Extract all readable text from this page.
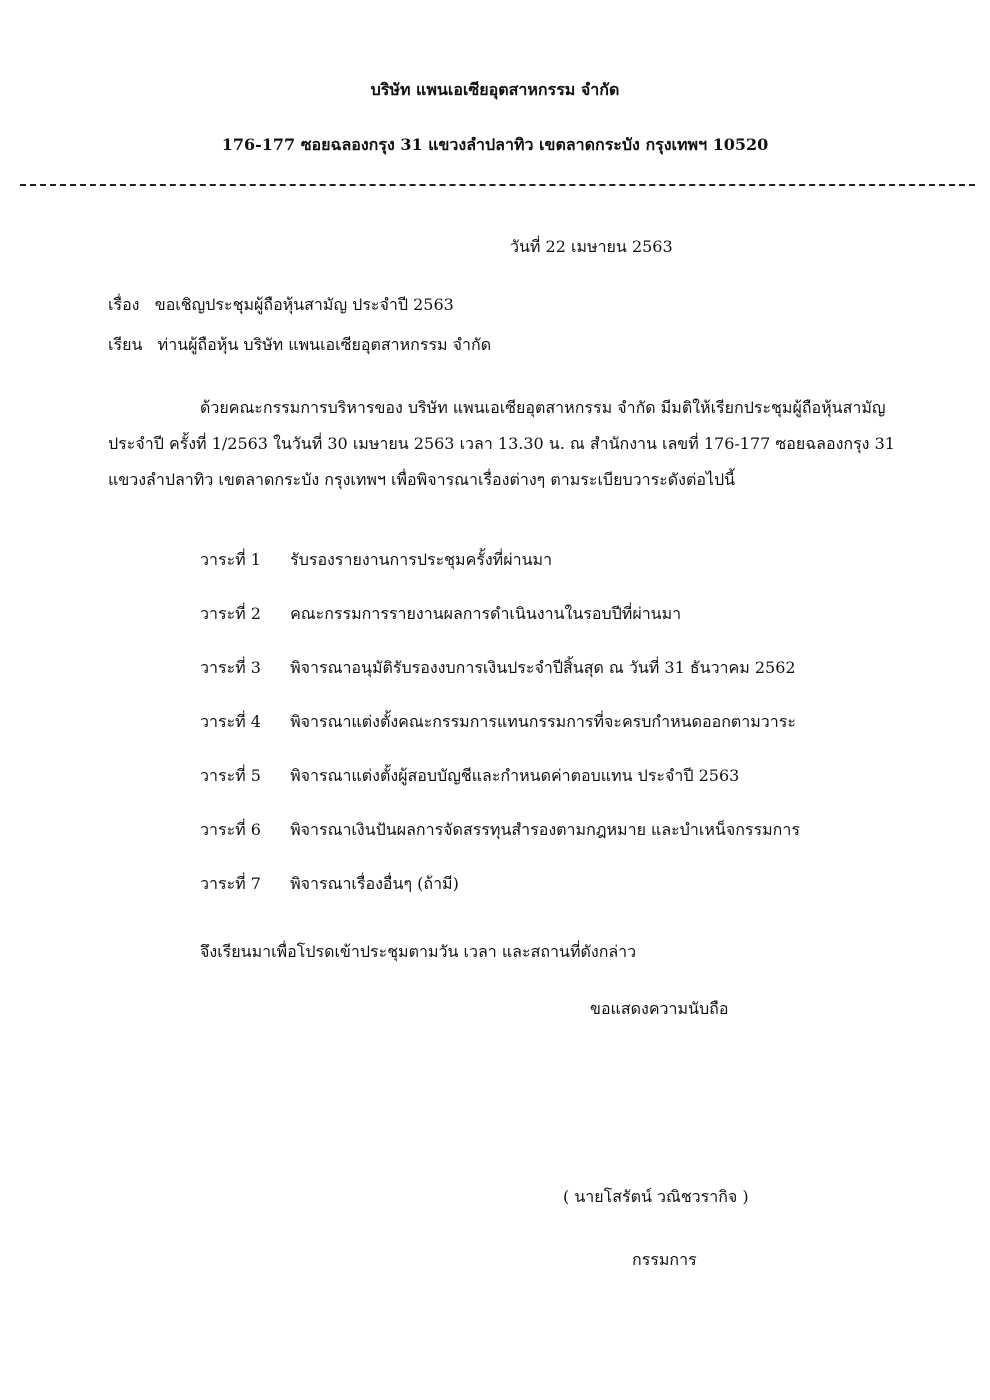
บริษัท แพนเอเซียอุตสาหกรรม จำกัด
176-177 ซอยฉลองกรุง 31 แขวงลำปลาทิว เขตลาดกระบัง กรุงเทพฯ 10520
วันที่ 22 เมษายน 2563
เรื่อง ขอเชิญประชุมผู้ถือหุ้นสามัญ ประจำปี 2563
เรียน ท่านผู้ถือหุ้น บริษัท แพนเอเซียอุตสาหกรรม จำกัด
ด้วยคณะกรรมการบริหารของ บริษัท แพนเอเซียอุตสาหกรรม จำกัด มีมติให้เรียกประชุมผู้ถือหุ้นสามัญประจำปี ครั้งที่ 1/2563 ในวันที่ 30 เมษายน 2563 เวลา 13.30 น. ณ สำนักงาน เลขที่ 176-177 ซอยฉลองกรุง 31 แขวงลำปลาทิว เขตลาดกระบัง กรุงเทพฯ เพื่อพิจารณาเรื่องต่างๆ ตามระเบียบวาระดังต่อไปนี้
วาระที่ 1 รับรองรายงานการประชุมครั้งที่ผ่านมา
วาระที่ 2 คณะกรรมการรายงานผลการดำเนินงานในรอบปีที่ผ่านมา
วาระที่ 3 พิจารณาอนุมัติรับรองงบการเงินประจำปีสิ้นสุด ณ วันที่ 31 ธันวาคม 2562
วาระที่ 4 พิจารณาแต่งตั้งคณะกรรมการแทนกรรมการที่จะครบกำหนดออกตามวาระ
วาระที่ 5 พิจารณาแต่งตั้งผู้สอบบัญชีและกำหนดค่าตอบแทน ประจำปี 2563
วาระที่ 6 พิจารณาเงินปันผลการจัดสรรทุนสำรองตามกฎหมาย และบำเหน็จกรรมการ
วาระที่ 7 พิจารณาเรื่องอื่นๆ (ถ้ามี)
จึงเรียนมาเพื่อโปรดเข้าประชุมตามวัน เวลา และสถานที่ดังกล่าว
ขอแสดงความนับถือ
( นายโสรัตน์ วณิชวรากิจ )
กรรมการ
